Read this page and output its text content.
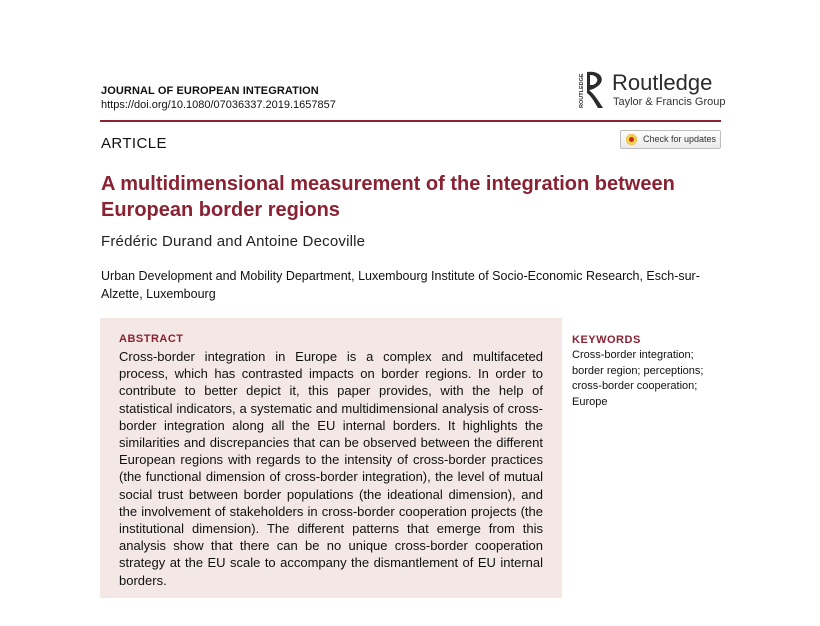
JOURNAL OF EUROPEAN INTEGRATION
https://doi.org/10.1080/07036337.2019.1657857	ROUTLEDGE Routledge
Taylor & Francis Group
ARTICLE	Check for updates
A multidimensional measurement of the integration between European border regions
Frédéric Durand and Antoine Decoville
Urban Development and Mobility Department, Luxembourg Institute of Socio-Economic Research, Esch-sur-Alzette, Luxembourg
ABSTRACT
Cross-border integration in Europe is a complex and multifaceted process, which has contrasted impacts on border regions. In order to contribute to better depict it, this paper provides, with the help of statistical indicators, a systematic and multidimensional analysis of cross-border integration along all the EU internal borders. It highlights the similarities and discrepancies that can be observed between the different European regions with regards to the intensity of cross-border practices (the functional dimension of cross-border integration), the level of mutual social trust between border populations (the ideational dimension), and the involvement of stakeholders in cross-border cooperation projects (the institutional dimension). The different patterns that emerge from this analysis show that there can be no unique cross-border cooperation strategy at the EU scale to accompany the dismantlement of EU internal borders.
KEYWORDS
Cross-border integration;
border region; perceptions;
cross-border cooperation;
Europe
